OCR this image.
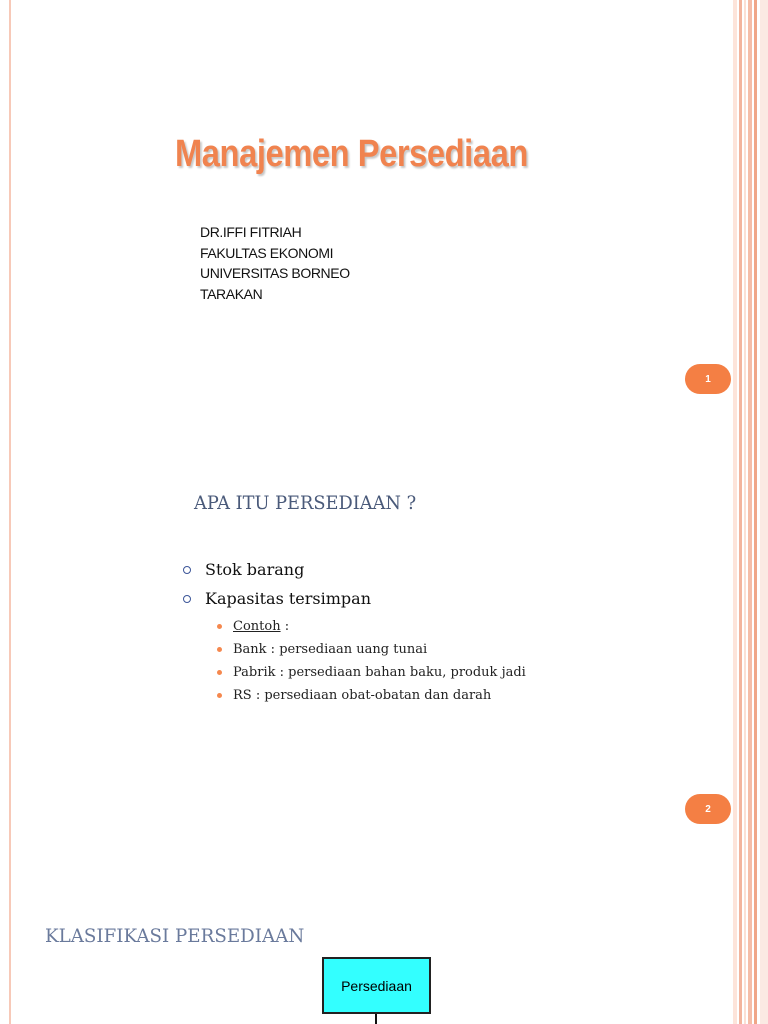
Manajemen Persediaan
DR.IFFI FITRIAH
FAKULTAS EKONOMI
UNIVERSITAS BORNEO
TARAKAN
1
APA ITU PERSEDIAAN ?
Stok barang
Kapasitas tersimpan
Contoh :
Bank : persediaan uang tunai
Pabrik : persediaan bahan baku, produk jadi
RS : persediaan obat-obatan dan darah
2
KLASIFIKASI PERSEDIAAN
Persediaan
